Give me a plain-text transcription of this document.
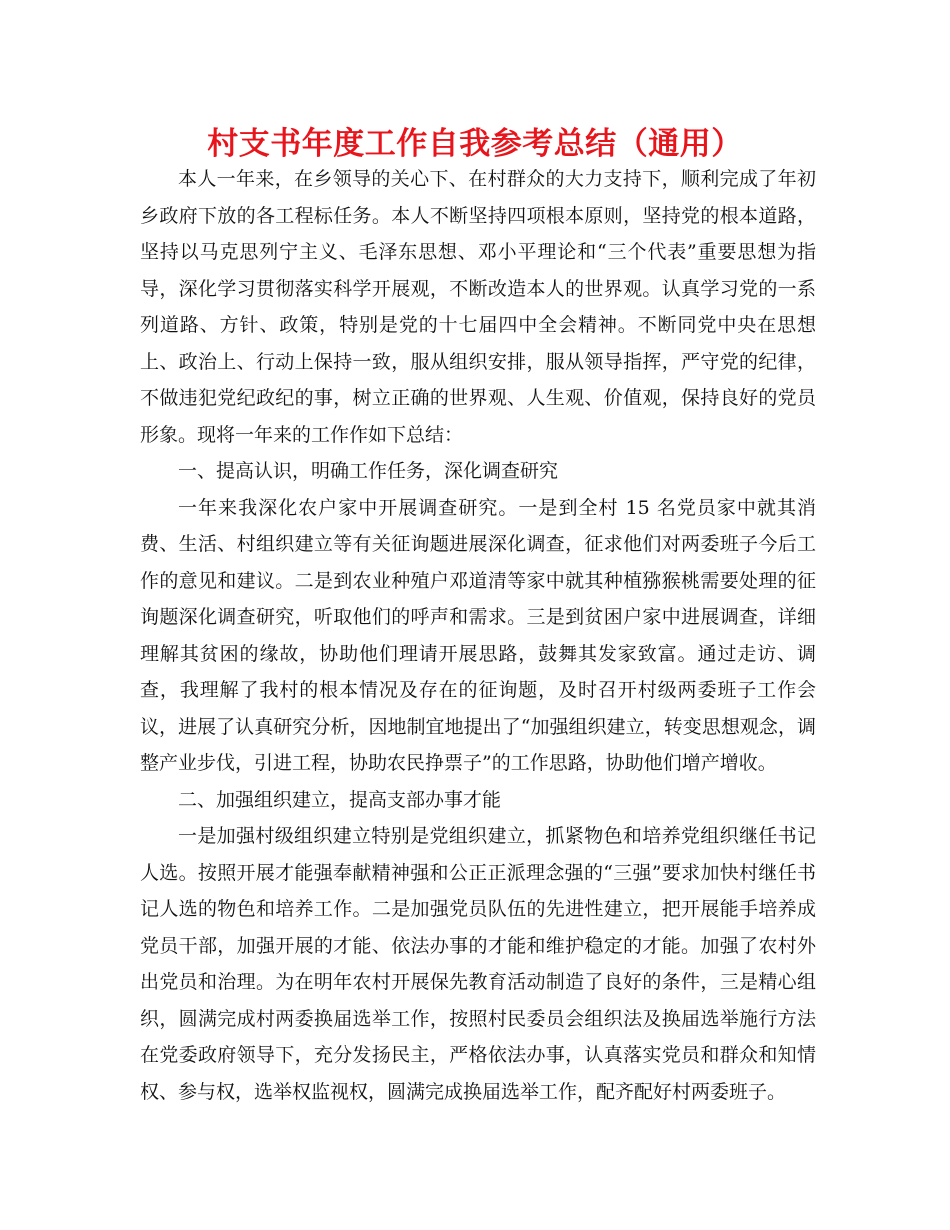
村支书年度工作自我参考总结（通用）

本人一年来，在乡领导的关心下、在村群众的大力支持下，顺利完成了年初乡政府下放的各工程标任务。本人不断坚持四项根本原则，坚持党的根本道路，坚持以马克思列宁主义、毛泽东思想、邓小平理论和“三个代表”重要思想为指导，深化学习贯彻落实科学开展观，不断改造本人的世界观。认真学习党的一系列道路、方针、政策，特别是党的十七届四中全会精神。不断同党中央在思想上、政治上、行动上保持一致，服从组织安排，服从领导指挥，严守党的纪律，不做违犯党纪政纪的事，树立正确的世界观、人生观、价值观，保持良好的党员形象。现将一年来的工作作如下总结：

一、提高认识，明确工作任务，深化调查研究

一年来我深化农户家中开展调查研究。一是到全村 15 名党员家中就其消费、生活、村组织建立等有关征询题进展深化调查，征求他们对两委班子今后工作的意见和建议。二是到农业种殖户邓道清等家中就其种植猕猴桃需要处理的征询题深化调查研究，听取他们的呼声和需求。三是到贫困户家中进展调查，详细理解其贫困的缘故，协助他们理请开展思路，鼓舞其发家致富。通过走访、调查，我理解了我村的根本情况及存在的征询题，及时召开村级两委班子工作会议，进展了认真研究分析，因地制宜地提出了“加强组织建立，转变思想观念，调整产业步伐，引进工程，协助农民挣票子”的工作思路，协助他们增产增收。

二、加强组织建立，提高支部办事才能

一是加强村级组织建立特别是党组织建立，抓紧物色和培养党组织继任书记人选。按照开展才能强奉献精神强和公正正派理念强的“三强”要求加快村继任书记人选的物色和培养工作。二是加强党员队伍的先进性建立，把开展能手培养成党员干部，加强开展的才能、依法办事的才能和维护稳定的才能。加强了农村外出党员和治理。为在明年农村开展保先教育活动制造了良好的条件，三是精心组织，圆满完成村两委换届选举工作，按照村民委员会组织法及换届选举施行方法在党委政府领导下，充分发扬民主，严格依法办事，认真落实党员和群众和知情权、参与权，选举权监视权，圆满完成换届选举工作，配齐配好村两委班子。
